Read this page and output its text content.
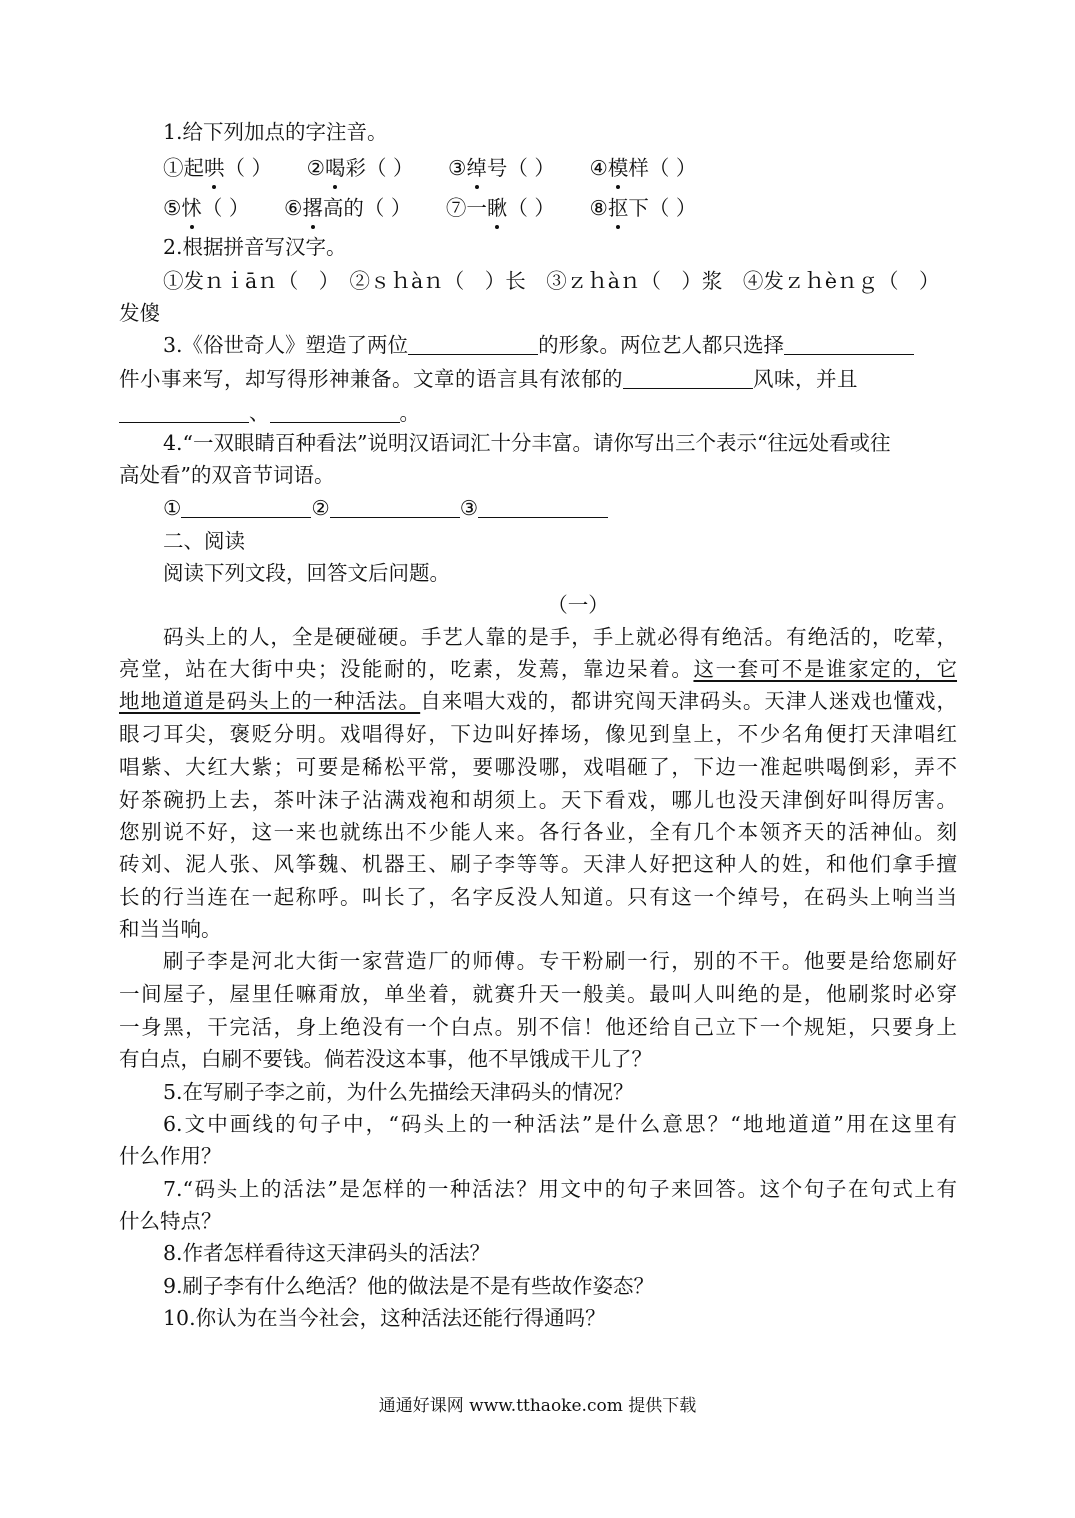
1.给下列加点的字注音。
①起哄（ ） ②喝彩（ ） ③绰号（ ） ④模样（ ）
⑤怵（ ） ⑥撂高的（ ） ⑦一瞅（ ） ⑧抠下（ ）
2.根据拼音写汉字。
①发ｎｉāｎ（　）　②ｓｈàｎ（　）长　③ｚｈàｎ（　）浆　④发ｚｈèｎｇ（　）
发傻
3.《俗世奇人》塑造了两位	的形象。两位艺人都只选择
件小事来写，却写得形神兼备。文章的语言具有浓郁的	风味，并且
、	。
4.“一双眼睛百种看法”说明汉语词汇十分丰富。请你写出三个表示“往远处看或往
高处看”的双音节词语。
①	②	③
二、阅读
阅读下列文段，回答文后问题。
（一）
码头上的人，全是硬碰硬。手艺人靠的是手，手上就必得有绝活。有绝活的，吃荤，
亮堂，站在大街中央；没能耐的，吃素，发蔫，靠边呆着。这一套可不是谁家定的，它
地地道道是码头上的一种活法。自来唱大戏的，都讲究闯天津码头。天津人迷戏也懂戏，
眼刁耳尖，褒贬分明。戏唱得好，下边叫好捧场，像见到皇上，不少名角便打天津唱红
唱紫、大红大紫；可要是稀松平常，要哪没哪，戏唱砸了，下边一准起哄喝倒彩，弄不
好茶碗扔上去，茶叶沫子沾满戏袍和胡须上。天下看戏，哪儿也没天津倒好叫得厉害。
您别说不好，这一来也就练出不少能人来。各行各业，全有几个本领齐天的活神仙。刻
砖刘、泥人张、风筝魏、机器王、刷子李等等。天津人好把这种人的姓，和他们拿手擅
长的行当连在一起称呼。叫长了，名字反没人知道。只有这一个绰号，在码头上响当当
和当当响。
刷子李是河北大街一家营造厂的师傅。专干粉刷一行，别的不干。他要是给您刷好
一间屋子，屋里任嘛甭放，单坐着，就赛升天一般美。最叫人叫绝的是，他刷浆时必穿
一身黑，干完活，身上绝没有一个白点。别不信！他还给自己立下一个规矩，只要身上
有白点，白刷不要钱。倘若没这本事，他不早饿成干儿了？
5.在写刷子李之前，为什么先描绘天津码头的情况？
6.文中画线的句子中，“码头上的一种活法”是什么意思？“地地道道”用在这里有
什么作用？
7.“码头上的活法”是怎样的一种活法？用文中的句子来回答。这个句子在句式上有
什么特点？
8.作者怎样看待这天津码头的活法？
9.刷子李有什么绝活？他的做法是不是有些故作姿态？
10.你认为在当今社会，这种活法还能行得通吗？
通通好课网 www.tthaoke.com 提供下载
